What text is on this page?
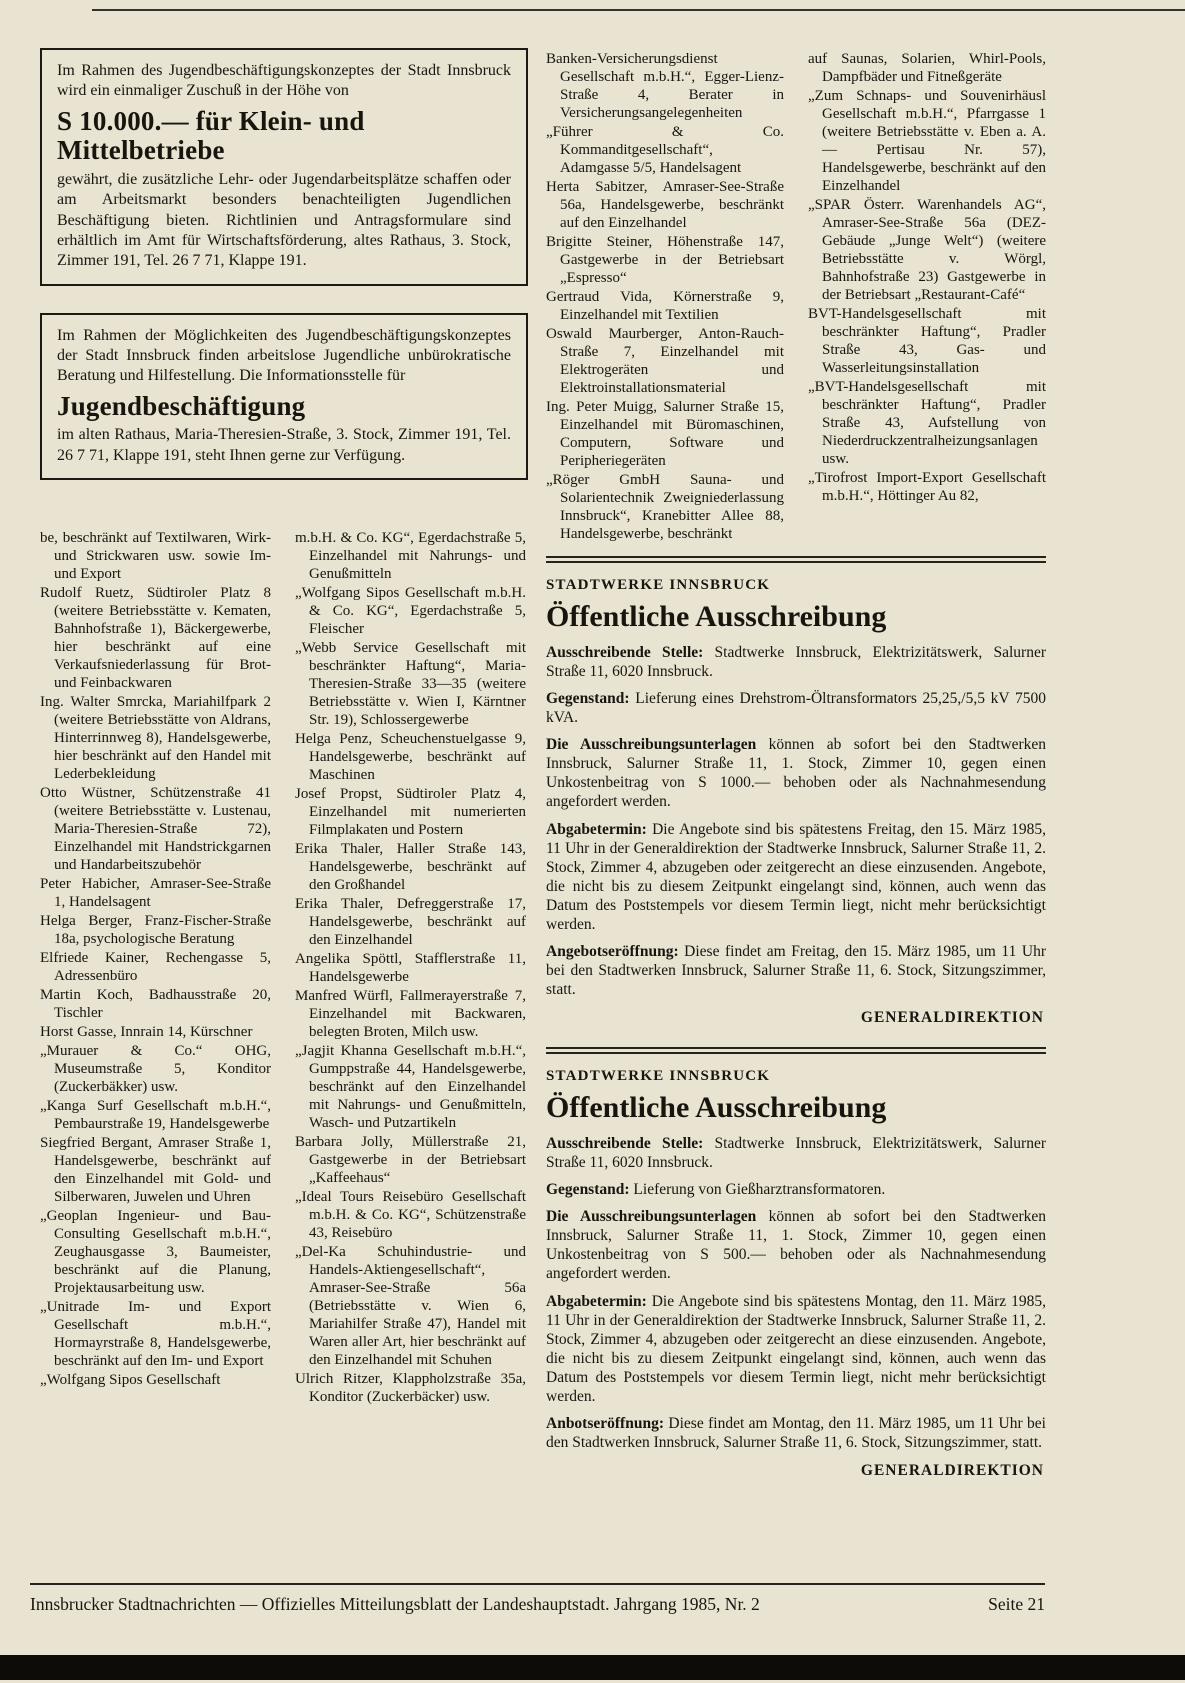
Im Rahmen des Jugendbeschäftigungskonzeptes der Stadt Innsbruck wird ein einmaliger Zuschuß in der Höhe von

S 10.000.— für Klein- und Mittelbetriebe

gewährt, die zusätzliche Lehr- oder Jugendarbeitsplätze schaffen oder am Arbeitsmarkt besonders benachteiligten Jugendlichen Beschäftigung bieten. Richtlinien und Antragsformulare sind erhältlich im Amt für Wirtschaftsförderung, altes Rathaus, 3. Stock, Zimmer 191, Tel. 26 7 71, Klappe 191.

Im Rahmen der Möglichkeiten des Jugendbeschäftigungskonzeptes der Stadt Innsbruck finden arbeitslose Jugendliche unbürokratische Beratung und Hilfestellung. Die Informationsstelle für

Jugendbeschäftigung

im alten Rathaus, Maria-Theresien-Straße, 3. Stock, Zimmer 191, Tel. 26 7 71, Klappe 191, steht Ihnen gerne zur Verfügung.

be, beschränkt auf Textilwaren, Wirk- und Strickwaren usw. sowie Im- und Export

Rudolf Ruetz, Südtiroler Platz 8 (weitere Betriebsstätte v. Kematen, Bahnhofstraße 1), Bäckergewerbe, hier beschränkt auf eine Verkaufsniederlassung für Brot- und Feinbackwaren

Ing. Walter Smrcka, Mariahilfpark 2 (weitere Betriebsstätte von Aldrans, Hinterrinnweg 8), Handelsgewerbe, hier beschränkt auf den Handel mit Lederbekleidung

Otto Wüstner, Schützenstraße 41 (weitere Betriebsstätte v. Lustenau, Maria-Theresien-Straße 72), Einzelhandel mit Handstrickgarnen und Handarbeitszubehör

Peter Habicher, Amraser-See-Straße 1, Handelsagent

Helga Berger, Franz-Fischer-Straße 18a, psychologische Beratung

Elfriede Kainer, Rechengasse 5, Adressenbüro

Martin Koch, Badhausstraße 20, Tischler

Horst Gasse, Innrain 14, Kürschner

„Murauer & Co.“ OHG, Museumstraße 5, Konditor (Zuckerbäkker) usw.

„Kanga Surf Gesellschaft m.b.H.“, Pembaurstraße 19, Handelsgewerbe

Siegfried Bergant, Amraser Straße 1, Handelsgewerbe, beschränkt auf den Einzelhandel mit Gold- und Silberwaren, Juwelen und Uhren

„Geoplan Ingenieur- und Bau-Consulting Gesellschaft m.b.H.“, Zeughausgasse 3, Baumeister, beschränkt auf die Planung, Projektausarbeitung usw.

„Unitrade Im- und Export Gesellschaft m.b.H.“, Hormayrstraße 8, Handelsgewerbe, beschränkt auf den Im- und Export

„Wolfgang Sipos Gesellschaft

m.b.H. & Co. KG“, Egerdachstraße 5, Einzelhandel mit Nahrungs- und Genußmitteln

„Wolfgang Sipos Gesellschaft m.b.H. & Co. KG“, Egerdachstraße 5, Fleischer

„Webb Service Gesellschaft mit beschränkter Haftung“, Maria-Theresien-Straße 33—35 (weitere Betriebsstätte v. Wien I, Kärntner Str. 19), Schlossergewerbe

Helga Penz, Scheuchenstuelgasse 9, Handelsgewerbe, beschränkt auf Maschinen

Josef Propst, Südtiroler Platz 4, Einzelhandel mit numerierten Filmplakaten und Postern

Erika Thaler, Haller Straße 143, Handelsgewerbe, beschränkt auf den Großhandel

Erika Thaler, Defreggerstraße 17, Handelsgewerbe, beschränkt auf den Einzelhandel

Angelika Spöttl, Stafflerstraße 11, Handelsgewerbe

Manfred Würfl, Fallmerayerstraße 7, Einzelhandel mit Backwaren, belegten Broten, Milch usw.

„Jagjit Khanna Gesellschaft m.b.H.“, Gumppstraße 44, Handelsgewerbe, beschränkt auf den Einzelhandel mit Nahrungs- und Genußmitteln, Wasch- und Putzartikeln

Barbara Jolly, Müllerstraße 21, Gastgewerbe in der Betriebsart „Kaffeehaus“

„Ideal Tours Reisebüro Gesellschaft m.b.H. & Co. KG“, Schützenstraße 43, Reisebüro

„Del-Ka Schuhindustrie- und Handels-Aktiengesellschaft“, Amraser-See-Straße 56a (Betriebsstätte v. Wien 6, Mariahilfer Straße 47), Handel mit Waren aller Art, hier beschränkt auf den Einzelhandel mit Schuhen

Ulrich Ritzer, Klappholzstraße 35a, Konditor (Zuckerbäcker) usw.

Banken-Versicherungsdienst Gesellschaft m.b.H.“, Egger-Lienz-Straße 4, Berater in Versicherungsangelegenheiten

„Führer & Co. Kommanditgesellschaft“, Adamgasse 5/5, Handelsagent

Herta Sabitzer, Amraser-See-Straße 56a, Handelsgewerbe, beschränkt auf den Einzelhandel

Brigitte Steiner, Höhenstraße 147, Gastgewerbe in der Betriebsart „Espresso“

Gertraud Vida, Körnerstraße 9, Einzelhandel mit Textilien

Oswald Maurberger, Anton-Rauch-Straße 7, Einzelhandel mit Elektrogeräten und Elektroinstallationsmaterial

Ing. Peter Muigg, Salurner Straße 15, Einzelhandel mit Büromaschinen, Computern, Software und Peripheriegeräten

„Röger GmbH Sauna- und Solarientechnik Zweigniederlassung Innsbruck“, Kranebitter Allee 88, Handelsgewerbe, beschränkt

auf Saunas, Solarien, Whirl-Pools, Dampfbäder und Fitneßgeräte

„Zum Schnaps- und Souvenirhäusl Gesellschaft m.b.H.“, Pfarrgasse 1 (weitere Betriebsstätte v. Eben a. A. — Pertisau Nr. 57), Handelsgewerbe, beschränkt auf den Einzelhandel

„SPAR Österr. Warenhandels AG“, Amraser-See-Straße 56a (DEZ-Gebäude „Junge Welt“) (weitere Betriebsstätte v. Wörgl, Bahnhofstraße 23) Gastgewerbe in der Betriebsart „Restaurant-Café“

BVT-Handelsgesellschaft mit beschränkter Haftung“, Pradler Straße 43, Gas- und Wasserleitungsinstallation

„BVT-Handelsgesellschaft mit beschränkter Haftung“, Pradler Straße 43, Aufstellung von Niederdruckzentralheizungsanlagen usw.

„Tirofrost Import-Export Gesellschaft m.b.H.“, Höttinger Au 82,

STADTWERKE INNSBRUCK
Öffentliche Ausschreibung

Ausschreibende Stelle: Stadtwerke Innsbruck, Elektrizitätswerk, Salurner Straße 11, 6020 Innsbruck.

Gegenstand: Lieferung eines Drehstrom-Öltransformators 25,25,/5,5 kV 7500 kVA.

Die Ausschreibungsunterlagen können ab sofort bei den Stadtwerken Innsbruck, Salurner Straße 11, 1. Stock, Zimmer 10, gegen einen Unkostenbeitrag von S 1000.— behoben oder als Nachnahmesendung angefordert werden.

Abgabetermin: Die Angebote sind bis spätestens Freitag, den 15. März 1985, 11 Uhr in der Generaldirektion der Stadtwerke Innsbruck, Salurner Straße 11, 2. Stock, Zimmer 4, abzugeben oder zeitgerecht an diese einzusenden. Angebote, die nicht bis zu diesem Zeitpunkt eingelangt sind, können, auch wenn das Datum des Poststempels vor diesem Termin liegt, nicht mehr berücksichtigt werden.

Angebotseröffnung: Diese findet am Freitag, den 15. März 1985, um 11 Uhr bei den Stadtwerken Innsbruck, Salurner Straße 11, 6. Stock, Sitzungszimmer, statt.

GENERALDIREKTION
STADTWERKE INNSBRUCK
Öffentliche Ausschreibung

Ausschreibende Stelle: Stadtwerke Innsbruck, Elektrizitätswerk, Salurner Straße 11, 6020 Innsbruck.

Gegenstand: Lieferung von Gießharztransformatoren.

Die Ausschreibungsunterlagen können ab sofort bei den Stadtwerken Innsbruck, Salurner Straße 11, 1. Stock, Zimmer 10, gegen einen Unkostenbeitrag von S 500.— behoben oder als Nachnahmesendung angefordert werden.

Abgabetermin: Die Angebote sind bis spätestens Montag, den 11. März 1985, 11 Uhr in der Generaldirektion der Stadtwerke Innsbruck, Salurner Straße 11, 2. Stock, Zimmer 4, abzugeben oder zeitgerecht an diese einzusenden. Angebote, die nicht bis zu diesem Zeitpunkt eingelangt sind, können, auch wenn das Datum des Poststempels vor diesem Termin liegt, nicht mehr berücksichtigt werden.

Anbotseröffnung: Diese findet am Montag, den 11. März 1985, um 11 Uhr bei den Stadtwerken Innsbruck, Salurner Straße 11, 6. Stock, Sitzungszimmer, statt.

GENERALDIREKTION
Innsbrucker Stadtnachrichten — Offizielles Mitteilungsblatt der Landeshauptstadt. Jahrgang 1985, Nr. 2	Seite 21
